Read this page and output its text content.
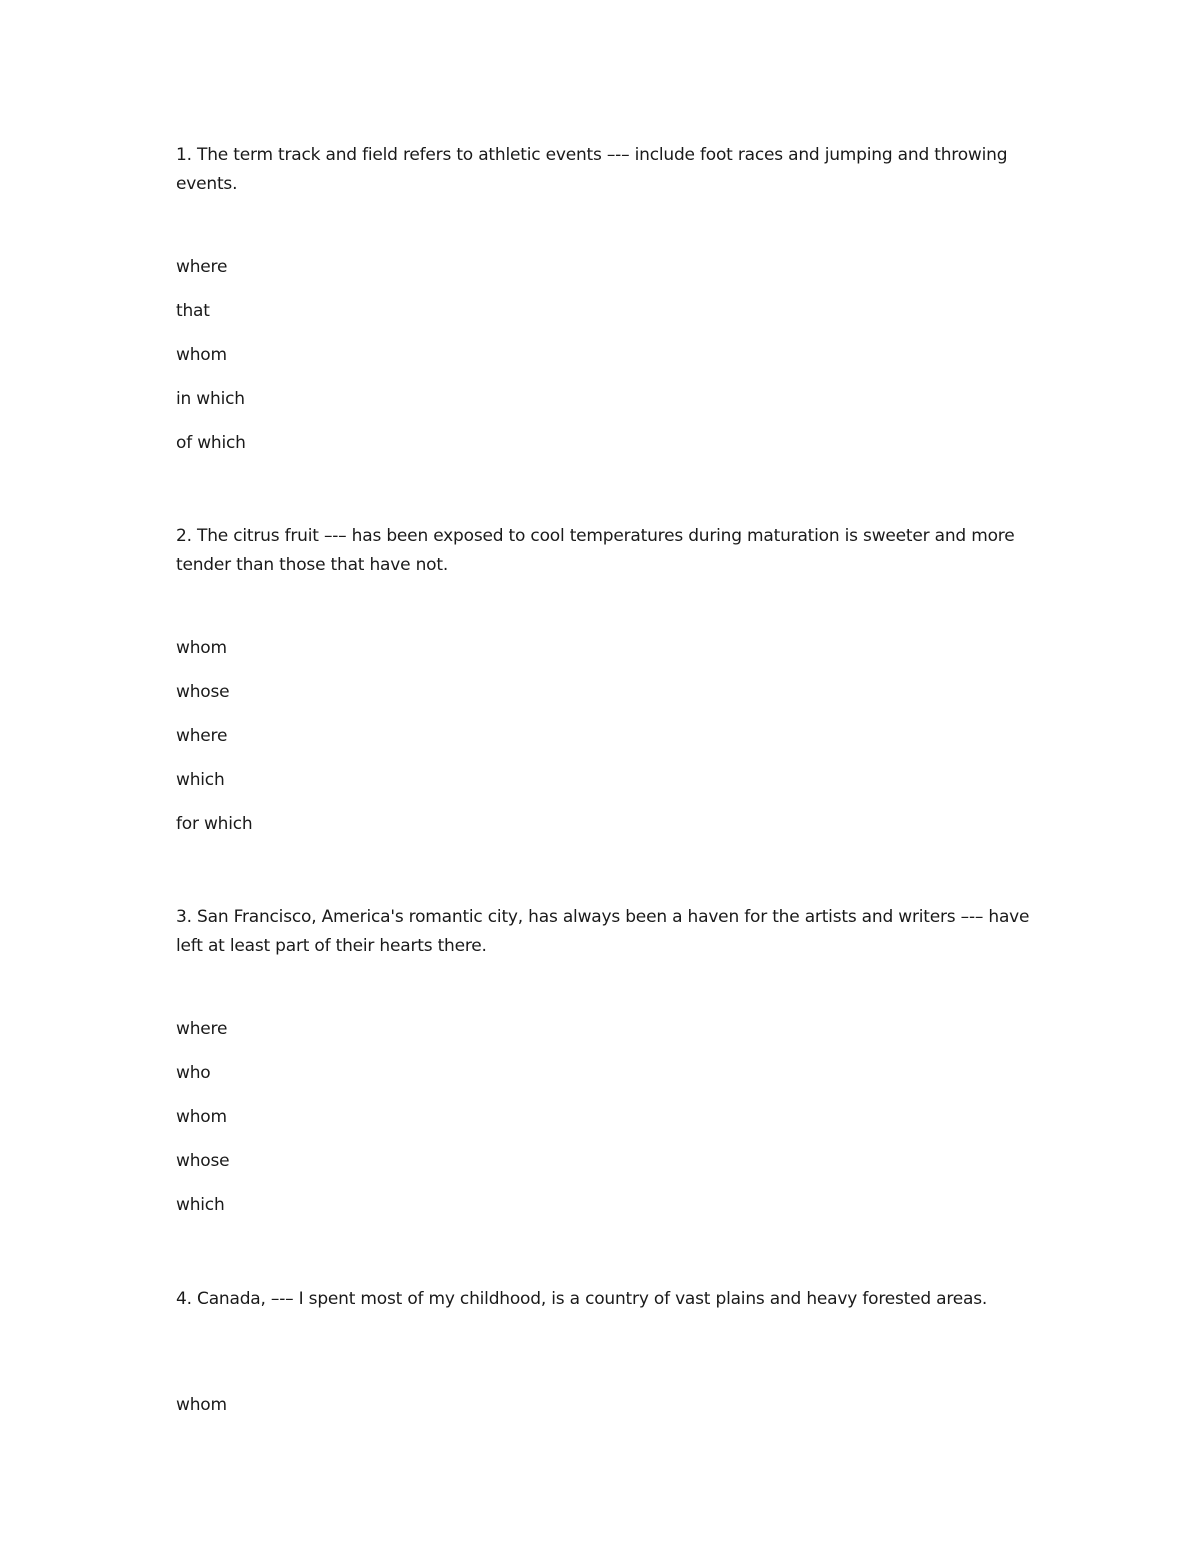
1. The term track and field refers to athletic events –-– include foot races and jumping and throwing events.

where
that
whom
in which
of which

2. The citrus fruit –-– has been exposed to cool temperatures during maturation is sweeter and more tender than those that have not.

whom
whose
where
which
for which

3. San Francisco, America's romantic city, has always been a haven for the artists and writers –-– have left at least part of their hearts there.

where
who
whom
whose
which

4. Canada, –-– I spent most of my childhood, is a country of vast plains and heavy forested areas.

whom
